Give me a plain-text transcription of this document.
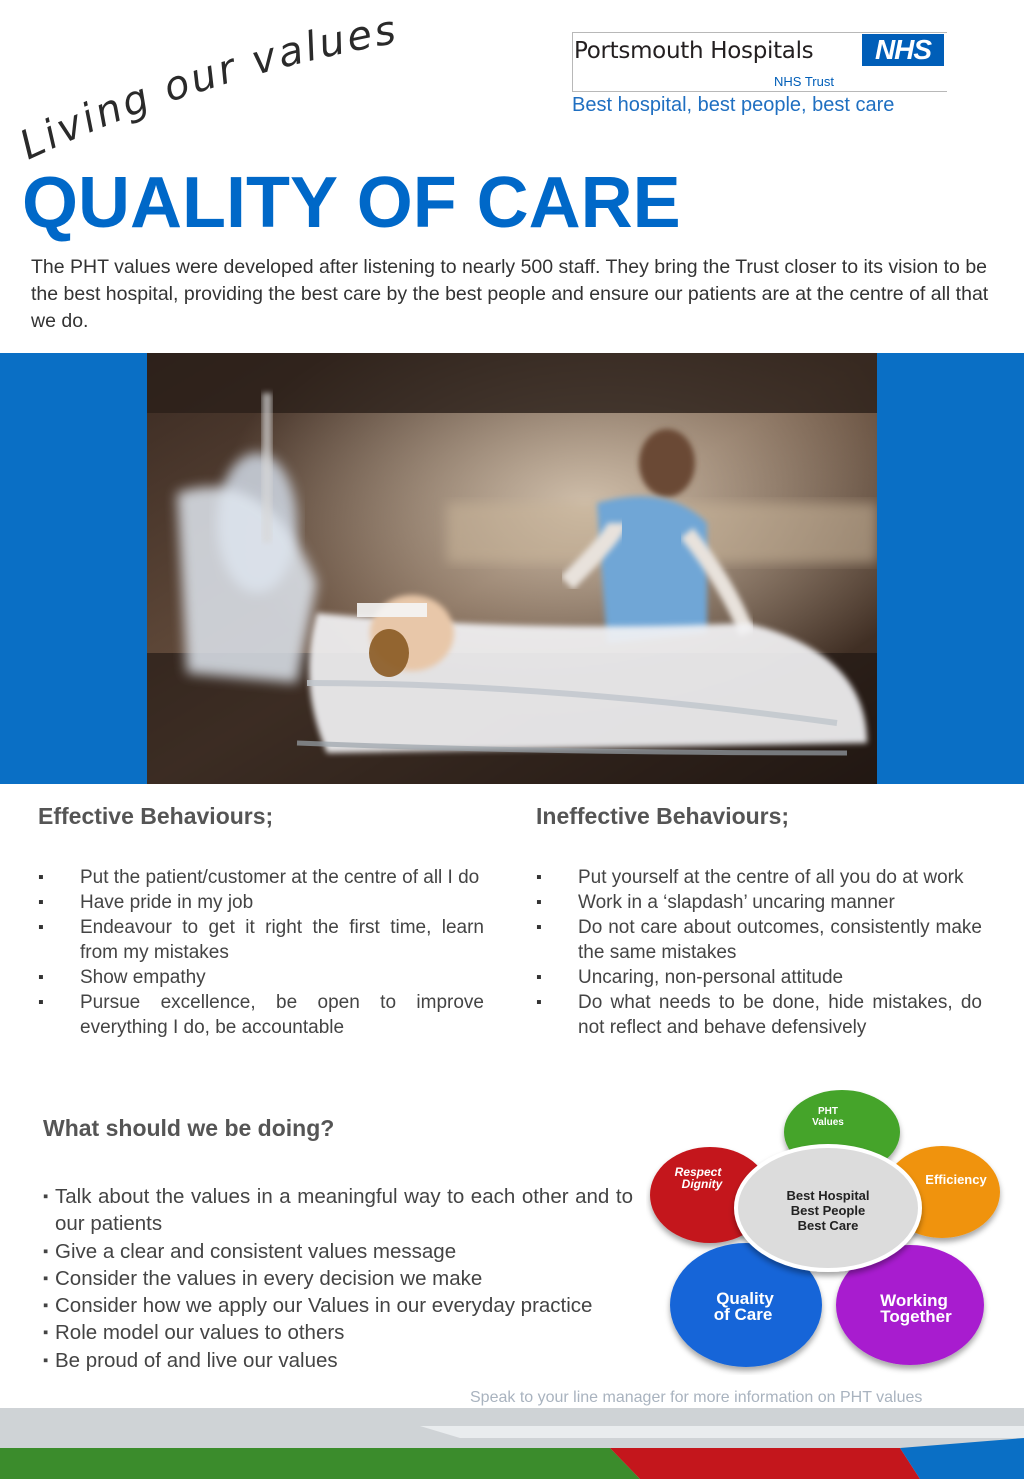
iving our values	Portsmouth Hospitals	NHS
NHS Trust
Best hospital, best people, best care
QUALITY OF CARE
The PHT values were developed after listening to nearly 500 staff. They bring the Trust closer to its vision to be the best hospital, providing the best care by the best people and ensure our patients are at the centre of all that we do.
Effective Behaviours;
▪ Put the patient/customer at the centre of all I do
▪ Have pride in my job
▪ Endeavour to get it right the first time, learn from my mistakes
▪ Show empathy
▪ Pursue excellence, be open to improve everything I do, be accountable
Ineffective Behaviours;
▪ Put yourself at the centre of all you do at work
▪ Work in a ‘slapdash’ uncaring manner
▪ Do not care about outcomes, consistently make the same mistakes
▪ Uncaring, non-personal attitude
▪ Do what needs to be done, hide mistakes, do not reflect and behave defensively
What should we be doing?
▪ Talk about the values in a meaningful way to each other and to our patients
▪ Give a clear and consistent values message
▪ Consider the values in every decision we make
▪ Consider how we apply our Values in our everyday practice
▪ Role model our values to others
▪ Be proud of and live our values
Best Hospital
Best People
Best Care
PHT
Values
Respect
Dignity	Efficiency
Quality
of Care
Working
Together
Speak to your line manager for more information on PHT values
